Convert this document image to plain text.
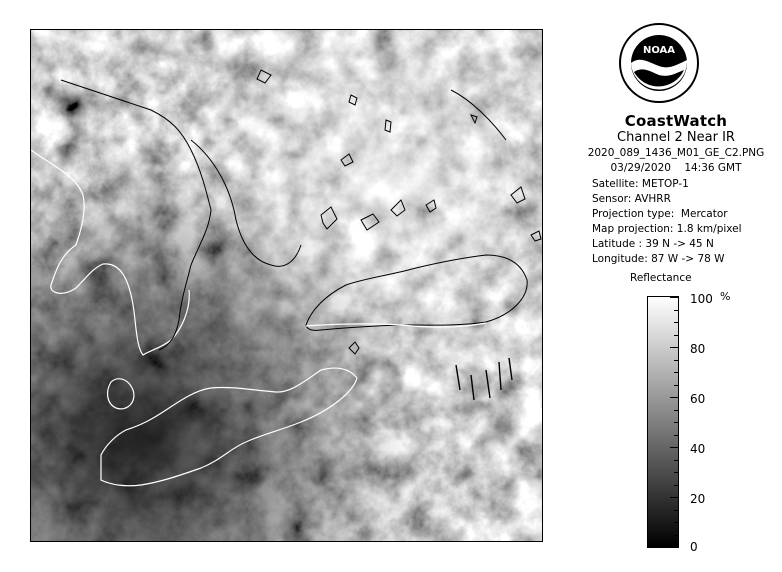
NOAA
CoastWatch
Channel 2 Near IR
2020_089_1436_M01_GE_C2.PNG
03/29/2020    14:36 GMT
Satellite: METOP-1
Sensor: AVHRR
Projection type:  Mercator
Map projection: 1.8 km/pixel
Latitude : 39 N -> 45 N
Longitude: 87 W -> 78 W
Reflectance
%
100
80
60
40
20
0
